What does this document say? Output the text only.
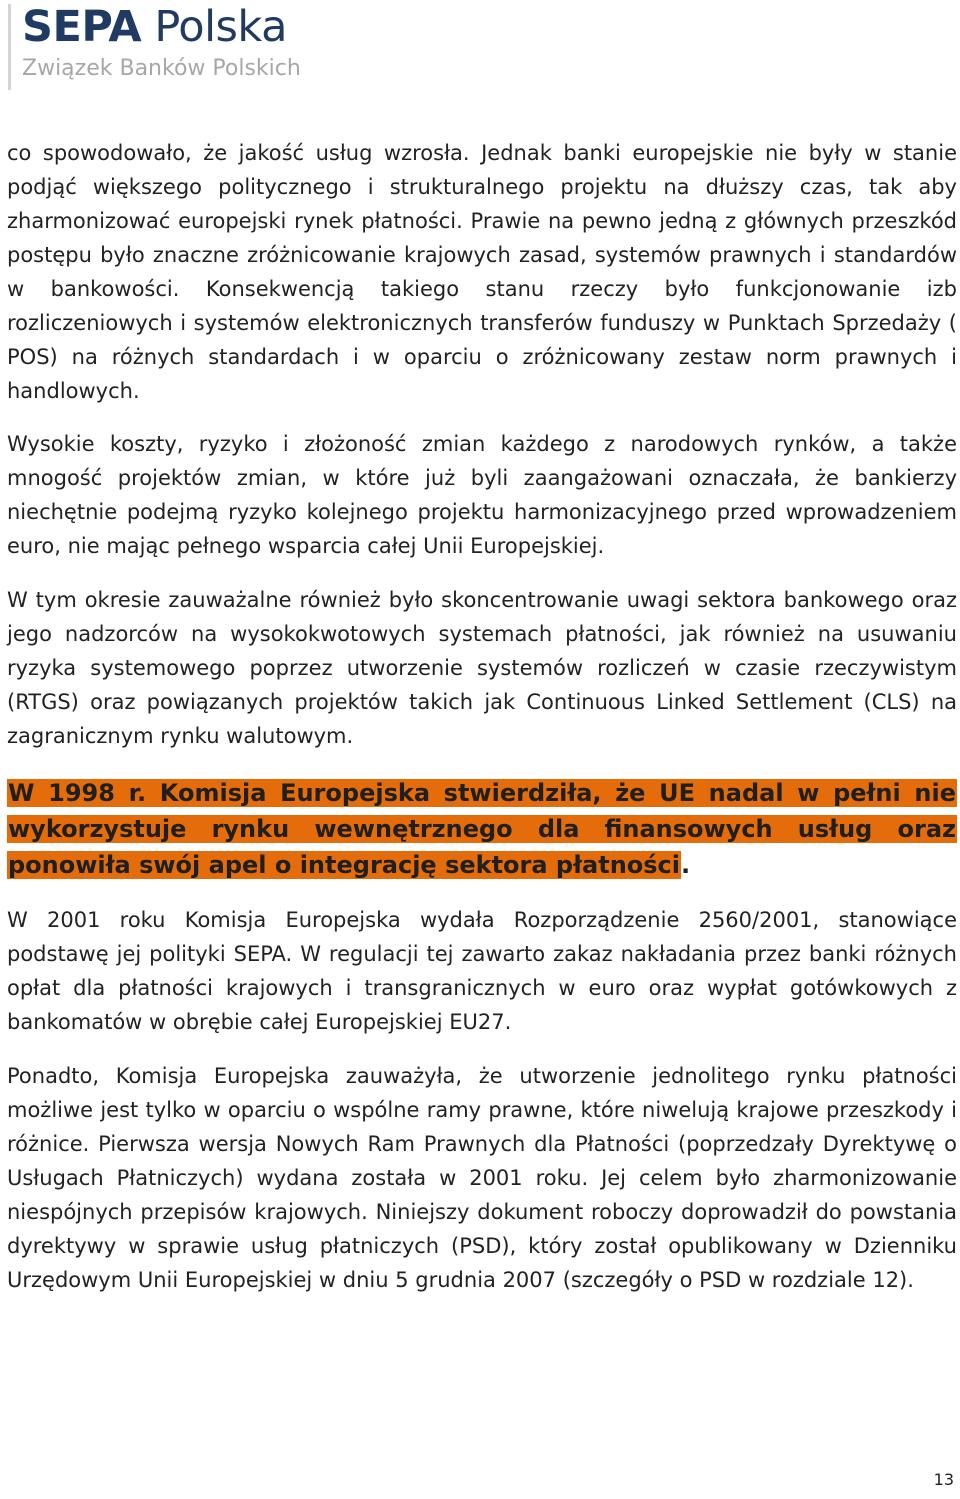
SEPA Polska
Związek Banków Polskich

co spowodowało, że jakość usług wzrosła. Jednak banki europejskie nie były w stanie podjąć większego politycznego i strukturalnego projektu na dłuższy czas, tak aby zharmonizować europejski rynek płatności. Prawie na pewno jedną z głównych przeszkód postępu było znaczne zróżnicowanie krajowych zasad, systemów prawnych i standardów w bankowości. Konsekwencją takiego stanu rzeczy było funkcjonowanie izb rozliczeniowych i systemów elektronicznych transferów funduszy w Punktach Sprzedaży ( POS) na różnych standardach i w oparciu o zróżnicowany zestaw norm prawnych i handlowych.

Wysokie koszty, ryzyko i złożoność zmian każdego z narodowych rynków, a także mnogość projektów zmian, w które już byli zaangażowani oznaczała, że bankierzy niechętnie podejmą ryzyko kolejnego projektu harmonizacyjnego przed wprowadzeniem euro, nie mając pełnego wsparcia całej Unii Europejskiej.

W tym okresie zauważalne również było skoncentrowanie uwagi sektora bankowego oraz jego nadzorców na wysokokwotowych systemach płatności, jak również na usuwaniu ryzyka systemowego poprzez utworzenie systemów rozliczeń w czasie rzeczywistym (RTGS) oraz powiązanych projektów takich jak Continuous Linked Settlement (CLS) na zagranicznym rynku walutowym.

W 1998 r. Komisja Europejska stwierdziła, że UE nadal w pełni nie wykorzystuje rynku wewnętrznego dla finansowych usług oraz ponowiła swój apel o integrację sektora płatności.

W 2001 roku Komisja Europejska wydała Rozporządzenie 2560/2001, stanowiące podstawę jej polityki SEPA. W regulacji tej zawarto zakaz nakładania przez banki różnych opłat dla płatności krajowych i transgranicznych w euro oraz wypłat gotówkowych z bankomatów w obrębie całej Europejskiej EU27.

Ponadto, Komisja Europejska zauważyła, że utworzenie jednolitego rynku płatności możliwe jest tylko w oparciu o wspólne ramy prawne, które niwelują krajowe przeszkody i różnice. Pierwsza wersja Nowych Ram Prawnych dla Płatności (poprzedzały Dyrektywę o Usługach Płatniczych) wydana została w 2001 roku. Jej celem było zharmonizowanie niespójnych przepisów krajowych. Niniejszy dokument roboczy doprowadził do powstania dyrektywy w sprawie usług płatniczych (PSD), który został opublikowany w Dzienniku Urzędowym Unii Europejskiej w dniu 5 grudnia 2007 (szczegóły o PSD w rozdziale 12).

13
